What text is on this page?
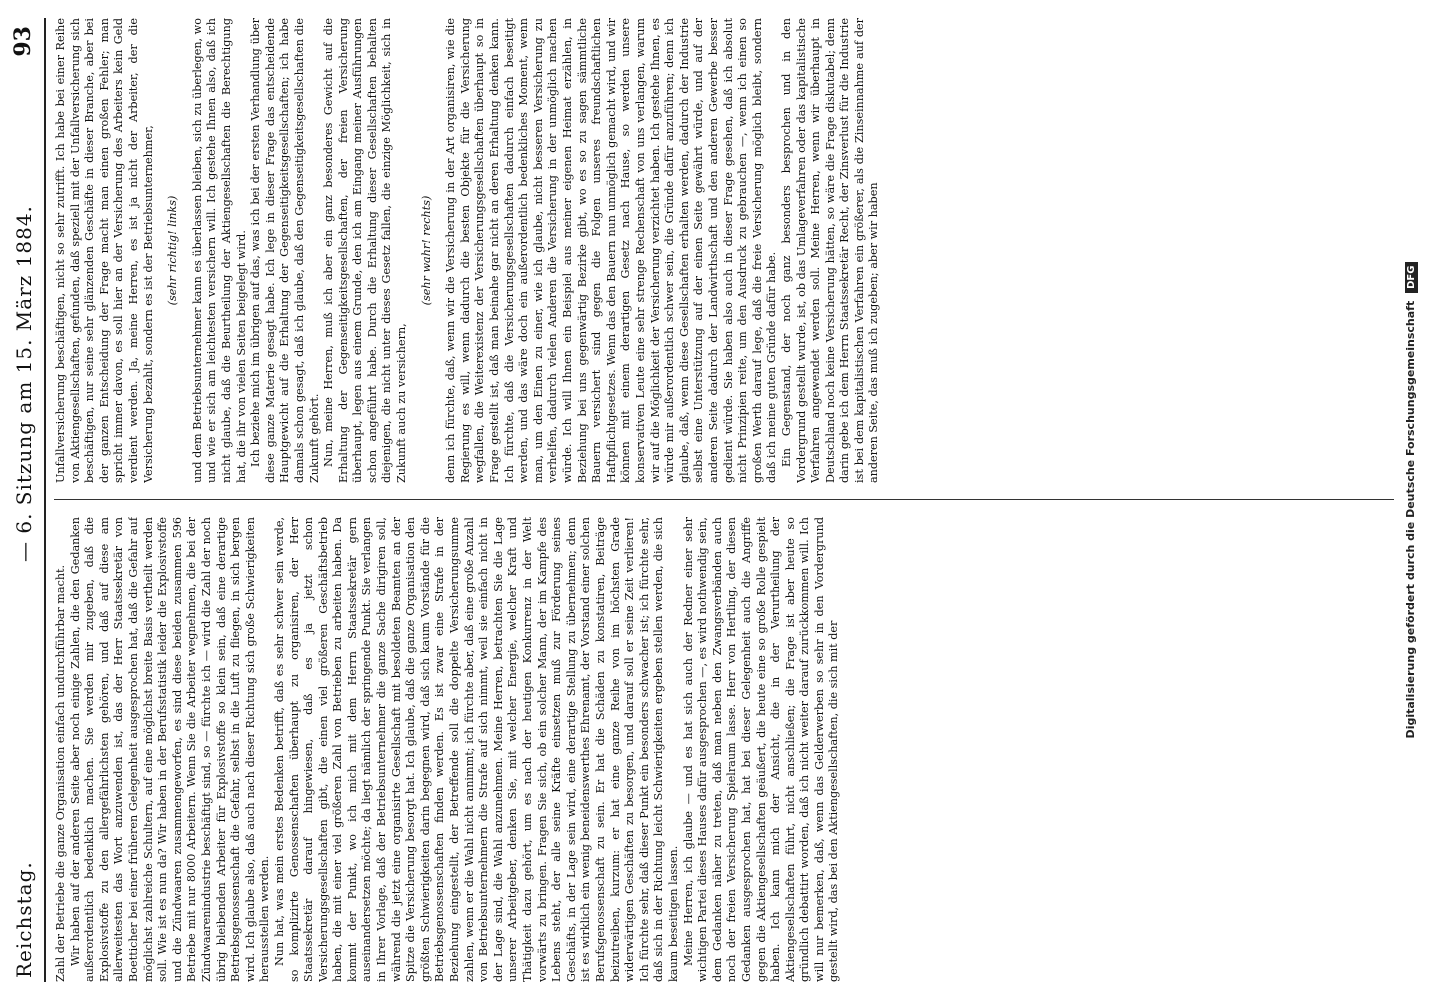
Reichstag.
— 6. Sitzung am 15. März 1884.
93

Zahl der Betriebe die ganze Organisation einfach undurchführbar macht. Wir haben auf der anderen Seite aber noch einige Zahlen, die den Gedanken außerordentlich bedenklich machen. Sie werden mir zugeben, daß die Explosivstoffe zu den allergefährlichsten gehören, und daß auf diese am allerweitesten das Wort anzuwenden ist, das der Herr Staatssekretär von Boetticher bei einer früheren Gelegenheit ausgesprochen hat, daß die Gefahr auf möglichst zahlreiche Schultern, auf eine möglichst breite Basis vertheilt werden soll. Wie ist es nun da? Wir haben in der Berufsstatistik leider die Explosivstoffe und die Zündwaaren zusammengeworfen, es sind diese beiden zusammen 596 Betriebe mit nur 8000 Arbeitern. Wenn Sie die Arbeiter wegnehmen, die bei der Zündwaarenindustrie beschäftigt sind, so — fürchte ich — wird die Zahl der noch übrig bleibenden Arbeiter für Explosivstoffe so klein sein, daß eine derartige Betriebsgenossenschaft die Gefahr, selbst in die Luft zu fliegen, in sich bergen wird. Ich glaube also, daß auch nach dieser Richtung sich große Schwierigkeiten herausstellen werden. Nun hat, was mein erstes Bedenken betrifft, daß es sehr schwer sein werde, so komplizirte Genossenschaften überhaupt zu organisiren, der Herr Staatssekretär darauf hingewiesen, daß es ja jetzt schon Versicherungsgesellschaften gibt, die einen viel größeren Geschäftsbetrieb haben, die mit einer viel größeren Zahl von Betrieben zu arbeiten haben. Da kommt der Punkt, wo ich mich mit dem Herrn Staatssekretär gern auseinandersetzen möchte; da liegt nämlich der springende Punkt. Sie verlangen in Ihrer Vorlage, daß der Betriebsunternehmer die ganze Sache dirigiren soll, während die jetzt eine organisirte Gesellschaft mit besoldeten Beamten an der Spitze die Versicherung besorgt hat. Ich glaube, daß die ganze Organisation den größten Schwierigkeiten darin begegnen wird, daß sich kaum Vorstände für die Betriebsgenossenschaften finden werden. Es ist zwar eine Strafe in der Beziehung eingestellt, der Betreffende soll die doppelte Versicherungsumme zahlen, wenn er die Wahl nicht annimmt; ich fürchte aber, daß eine große Anzahl von Betriebsunternehmern die Strafe auf sich nimmt, weil sie einfach nicht in der Lage sind, die Wahl anzunehmen. Meine Herren, betrachten Sie die Lage unserer Arbeitgeber, denken Sie, mit welcher Energie, welcher Kraft und Thätigkeit dazu gehört, um es nach der heutigen Konkurrenz in der Welt vorwärts zu bringen. Fragen Sie sich, ob ein solcher Mann, der im Kampfe des Lebens steht, der alle seine Kräfte einsetzen muß zur Förderung seines Geschäfts, in der Lage sein wird, eine derartige Stellung zu übernehmen; denn ist es wirklich ein wenig beneidenswerthes Ehrenamt, der Vorstand einer solchen Berufsgenossenschaft zu sein. Er hat die Schäden zu konstatiren, Beiträge beizutreiben, kurzum: er hat eine ganze Reihe von im höchsten Grade widerwärtigen Geschäften zu besorgen, und darauf soll er seine Zeit verlieren! Ich fürchte sehr, daß dieser Punkt ein besonders schwacher ist; ich fürchte sehr, daß sich in der Richtung leicht Schwierigkeiten ergeben stellen werden, die sich kaum beseitigen lassen. Meine Herren, ich glaube — und es hat sich auch der Redner einer sehr wichtigen Partei dieses Hauses dafür ausgesprochen —, es wird nothwendig sein, dem Gedanken näher zu treten, daß man neben den Zwangsverbänden auch noch der freien Versicherung Spielraum lasse. Herr von Hertling, der diesen Gedanken ausgesprochen hat, hat bei dieser Gelegenheit auch die Angriffe gegen die Aktiengesellschaften geäußert, die heute eine so große Rolle gespielt haben. Ich kann mich der Ansicht, die in der Verurtheilung der Aktiengesellschaften führt, nicht anschließen; die Frage ist aber heute so gründlich debattirt worden, daß ich nicht weiter darauf zurückkommen will. Ich will nur bemerken, daß, wenn das Gelderwerben so sehr in den Vordergrund gestellt wird, das bei den Aktiengesellschaften, die sich mit der

Unfallversicherung beschäftigen, nicht so sehr zutrifft. Ich habe bei einer Reihe von Aktiengesellschaften, gefunden, daß speziell mit der Unfallversicherung sich beschäftigen, nur seine sehr glänzenden Geschäfte in dieser Branche, aber bei der ganzen Entscheidung der Frage macht man einen großen Fehler; man spricht immer davon, es soll hier an der Versicherung des Arbeiters kein Geld verdient werden. Ja, meine Herren, es ist ja nicht der Arbeiter, der die Versicherung bezahlt, sondern es ist der Betriebsunternehmer, (sehr richtig! links) und dem Betriebsunternehmer kann es überlassen bleiben, sich zu überlegen, wo und wie er sich am leichtesten versichern will. Ich gestehe Ihnen also, daß ich nicht glaube, daß die Beurtheilung der Aktiengesellschaften die Berechtigung hat, die ihr von vielen Seiten beigelegt wird. Ich beziehe mich im übrigen auf das, was ich bei der ersten Verhandlung über diese ganze Materie gesagt habe. Ich lege in dieser Frage das entscheidende Hauptgewicht auf die Erhaltung der Gegenseitigkeitsgesellschaften; ich habe damals schon gesagt, daß ich glaube, daß den Gegenseitigkeitsgesellschaften die Zukunft gehört. Nun, meine Herren, muß ich aber ein ganz besonderes Gewicht auf die Erhaltung der Gegenseitigkeitsgesellschaften, der freien Versicherung überhaupt, legen aus einem Grunde, den ich am Eingang meiner Ausführungen schon angeführt habe. Durch die Erhaltung dieser Gesellschaften behalten diejenigen, die nicht unter dieses Gesetz fallen, die einzige Möglichkeit, sich in Zukunft auch zu versichern,

(sehr wahr! rechts) denn ich fürchte, daß, wenn wir die Versicherung in der Art organisiren, wie die Regierung es will, wenn dadurch die besten Objekte für die Versicherung wegfallen, die Weiterexistenz der Versicherungsgesellschaften überhaupt so in Frage gestellt ist, daß man beinahe gar nicht an deren Erhaltung denken kann. Ich fürchte, daß die Versicherungsgesellschaften dadurch einfach beseitigt werden, und das wäre doch ein außerordentlich bedenkliches Moment, wenn man, um den Einen zu einer, wie ich glaube, nicht besseren Versicherung zu verhelfen, dadurch vielen Anderen die Versicherung in der unmöglich machen würde. Ich will Ihnen ein Beispiel aus meiner eigenen Heimat erzählen, in Beziehung bei uns gegenwärtig Bezirke gibt, wo es so zu sagen sämmtliche Bauern versichert sind gegen die Folgen unseres freundschaftlichen Haftpflichtgesetzes. Wenn das den Bauern nun unmöglich gemacht wird, und wir können mit einem derartigen Gesetz nach Hause, so werden unsere konservativen Leute eine sehr strenge Rechenschaft von uns verlangen, warum wir auf die Möglichkeit der Versicherung verzichtet haben. Ich gestehe Ihnen, es würde mir außerordentlich schwer sein, die Gründe dafür anzuführen; denn ich glaube, daß, wenn diese Gesellschaften erhalten werden, dadurch der Industrie selbst eine Unterstützung auf der einen Seite gewährt würde, und auf der anderen Seite dadurch der Landwirthschaft und den anderen Gewerbe besser gedient würde. Sie haben also auch in dieser Frage gesehen, daß ich absolut nicht Prinzipien reite, um den Ausdruck zu gebrauchen —, wenn ich einen so großen Werth darauf lege, daß die freie Versicherung möglich bleibt, sondern daß ich meine guten Gründe dafür habe. Ein Gegenstand, der noch ganz besonders besprochen und in den Vordergrund gestellt wurde, ist, ob das Umlageverfahren oder das kapitalistische Verfahren angewendet werden soll. Meine Herren, wenn wir überhaupt in Deutschland noch keine Versicherung hätten, so wäre die Frage diskutabel; denn darin gebe ich dem Herrn Staatssekretär Recht, der Zinsverlust für die Industrie ist bei dem kapitalistischen Verfahren ein größerer, als die Zinseinnahme auf der anderen Seite, das muß ich zugeben; aber wir haben	Digitalisierung gefördert durch die Deutsche Forschungsgemeinschaft DFG
